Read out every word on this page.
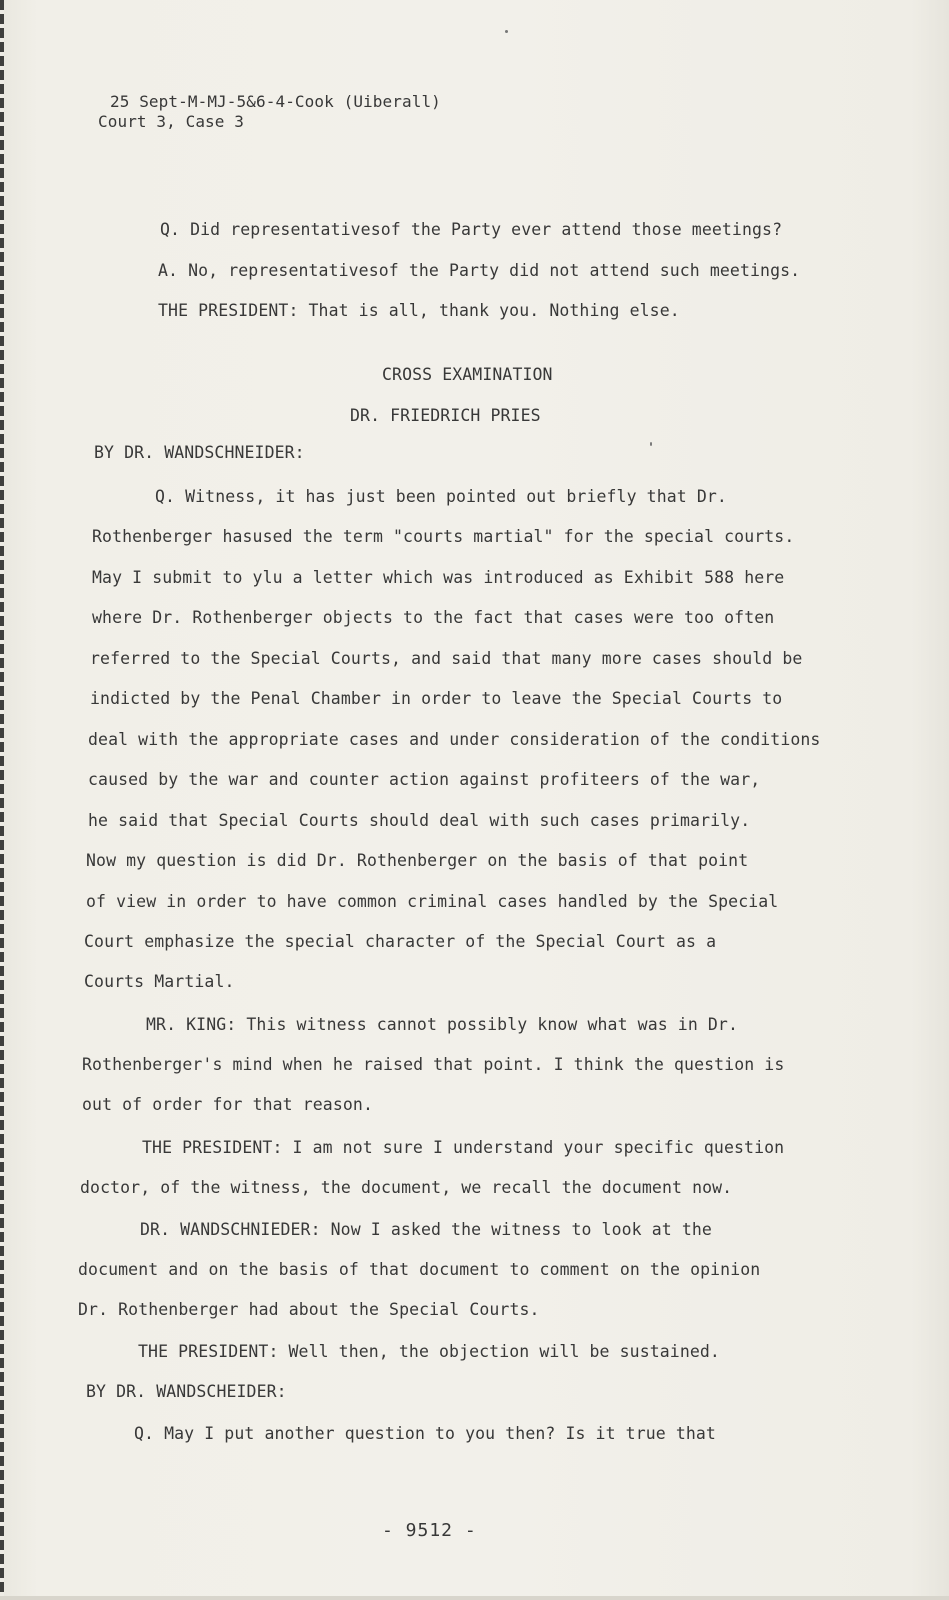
25 Sept-M-MJ-5&6-4-Cook (Uiberall)
Court 3, Case 3
Q. Did representativesof the Party ever attend those meetings?
A. No, representativesof the Party did not attend such meetings.
THE PRESIDENT: That is all, thank you. Nothing else.
CROSS EXAMINATION
DR. FRIEDRICH PRIES
BY DR. WANDSCHNEIDER:
Q. Witness, it has just been pointed out briefly that Dr.
Rothenberger hasused the term "courts martial" for the special courts.
May I submit to ylu a letter which was introduced as Exhibit 588 here
where Dr. Rothenberger objects to the fact that cases were too often
referred to the Special Courts, and said that many more cases should be
indicted by the Penal Chamber in order to leave the Special Courts to
deal with the appropriate cases and under consideration of the conditions
caused by the war and counter action against profiteers of the war,
he said that Special Courts should deal with such cases primarily.
Now my question is did Dr. Rothenberger on the basis of that point
of view in order to have common criminal cases handled by the Special
Court emphasize the special character of the Special Court as a
Courts Martial.
MR. KING: This witness cannot possibly know what was in Dr.
Rothenberger's mind when he raised that point. I think the question is
out of order for that reason.
THE PRESIDENT: I am not sure I understand your specific question
doctor, of the witness, the document, we recall the document now.
DR. WANDSCHNIEDER: Now I asked the witness to look at the
document and on the basis of that document to comment on the opinion
Dr. Rothenberger had about the Special Courts.
THE PRESIDENT: Well then, the objection will be sustained.
BY DR. WANDSCHEIDER:
Q. May I put another question to you then? Is it true that
- 9512 -
